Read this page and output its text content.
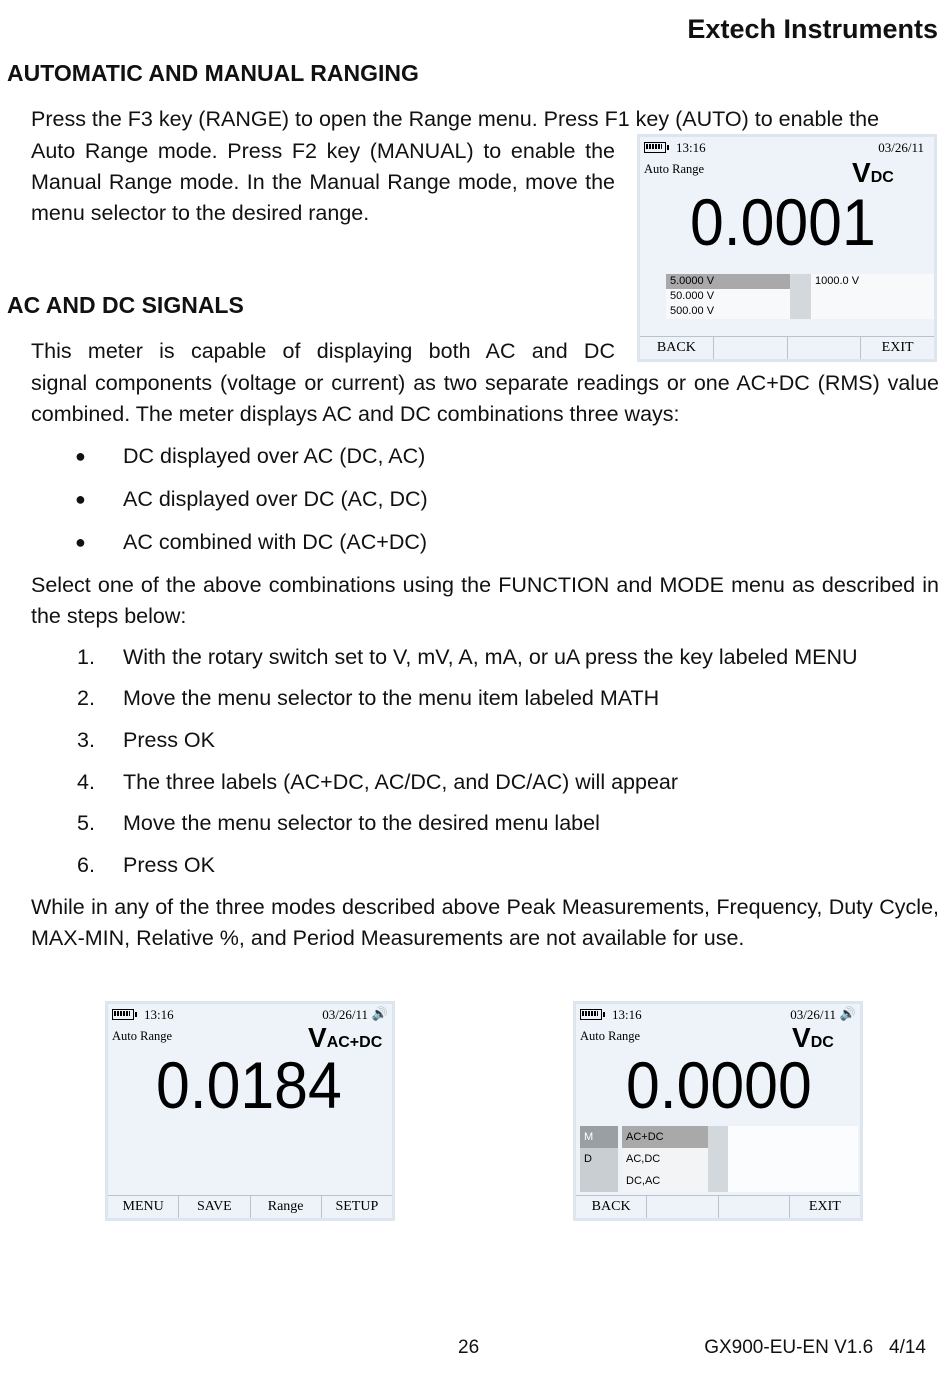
Extech Instruments
AUTOMATIC AND MANUAL RANGING
Press the F3 key (RANGE) to open the Range menu. Press F1 key (AUTO) to enable the
Auto Range mode. Press F2 key (MANUAL) to enable the Manual Range mode. In the Manual Range mode, move the menu selector to the desired range.
13:16	03/26/11
Auto Range	VDC
0.0001
5.0000 V
50.000 V
500.00 V
1000.0 V
BACK	EXIT
AC AND DC SIGNALS
This meter is capable of displaying both AC and DC
signal components (voltage or current) as two separate readings or one AC+DC (RMS) value combined. The meter displays AC and DC combinations three ways:
● DC displayed over AC (DC, AC)
● AC displayed over DC (AC, DC)
● AC combined with DC (AC+DC)
Select one of the above combinations using the FUNCTION and MODE menu as described in the steps below:
1. With the rotary switch set to V, mV, A, mA, or uA press the key labeled MENU
2. Move the menu selector to the menu item labeled MATH
3. Press OK
4. The three labels (AC+DC, AC/DC, and DC/AC) will appear
5. Move the menu selector to the desired menu label
6. Press OK
While in any of the three modes described above Peak Measurements, Frequency, Duty Cycle, MAX-MIN, Relative %, and Period Measurements are not available for use.
13:16	03/26/11 🔊
Auto Range	VAC+DC
0.0184
MENU	SAVE	Range	SETUP
13:16	03/26/11 🔊
Auto Range	VDC
0.0000
M
D
AC+DC
AC,DC
DC,AC
BACK	EXIT
26	GX900-EU-EN V1.6   4/14
